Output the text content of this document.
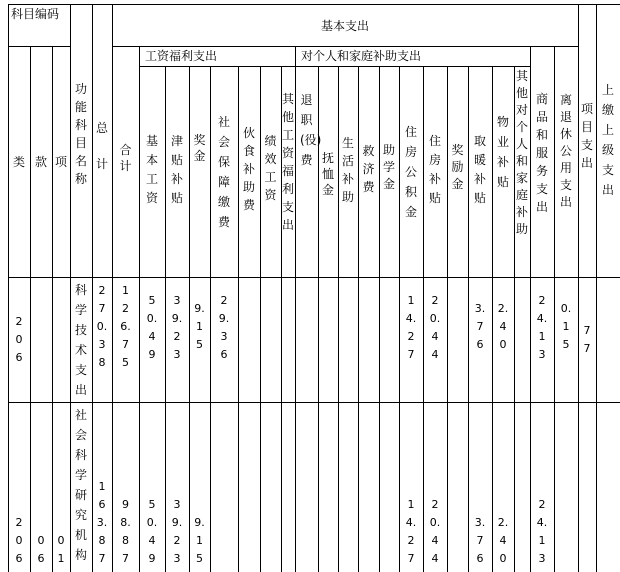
科目编码
基本支出
工资福利支出	对个人和家庭补助支出
类 款 项
功能科目名称
总计
合计
基本工资
津贴补贴
奖金
社会保障缴费
伙食补助费
绩效工资
其他工资福利支出
退职(役)费 抚恤金
生活补助
救济费
助学金
住房公积金
住房补贴
奖励金
取暖补贴
物业补贴
其他对个人和家庭补助
商品和服务支出
离退休公用支出
项目支出
上缴上级支出
206
科学技术支出
270.38
126.75
50.49
39.23
9.15
29.36
14.27
20.44
3.76
2.40
24.13
0.15
77
206
06
01
社会科学研究机构
163.87
98.87
50.49
39.23
9.15
14.27
20.44
3.76
2.40
24.13
